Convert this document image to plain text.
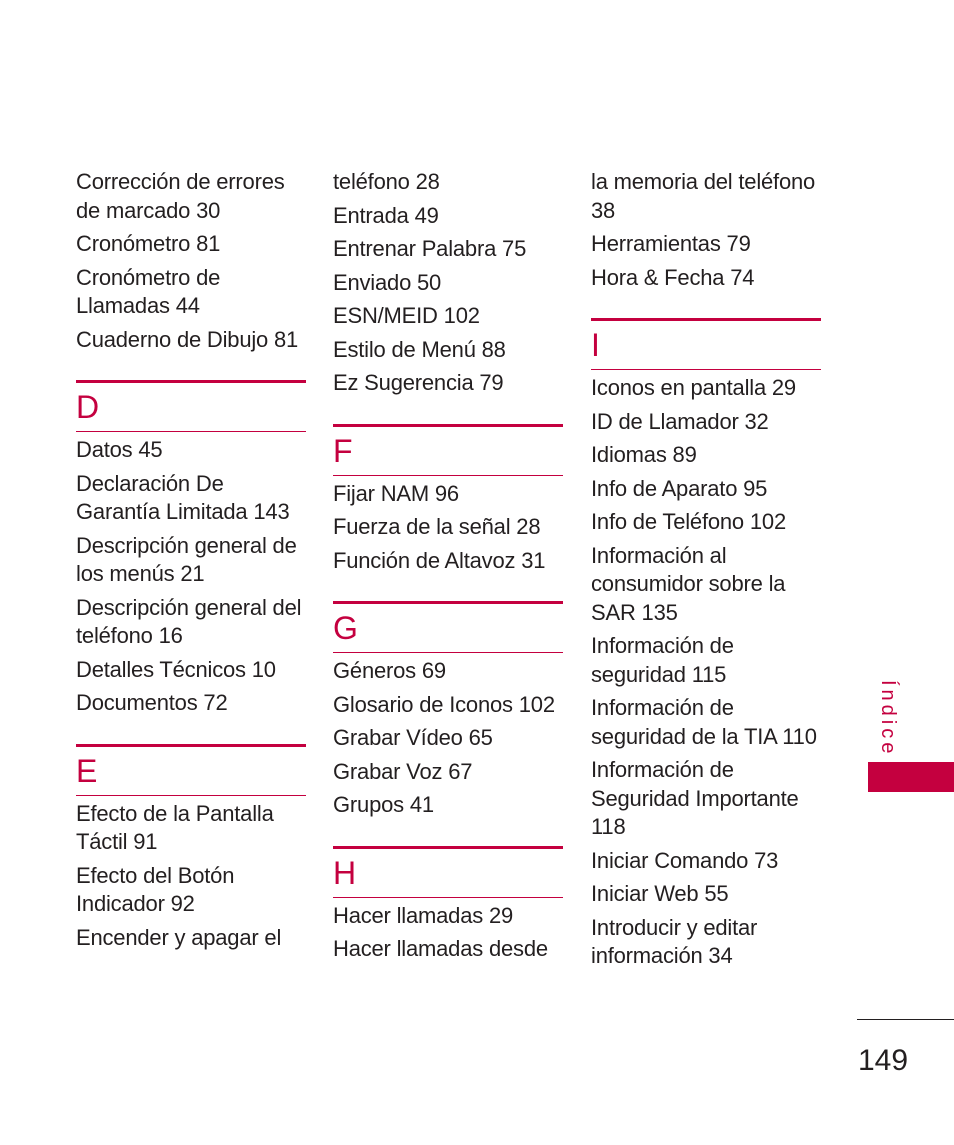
Corrección de errores de marcado 30
Cronómetro 81
Cronómetro de Llamadas 44
Cuaderno de Dibujo 81
D
Datos 45
Declaración De Garantía Limitada 143
Descripción general de los menús 21
Descripción general del teléfono 16
Detalles Técnicos 10
Documentos 72
E
Efecto de la Pantalla Táctil 91
Efecto del Botón Indicador 92
Encender y apagar el
teléfono 28
Entrada 49
Entrenar Palabra 75
Enviado 50
ESN/MEID 102
Estilo de Menú 88
Ez Sugerencia 79
F
Fijar NAM 96
Fuerza de la señal 28
Función de Altavoz 31
G
Géneros 69
Glosario de Iconos 102
Grabar Vídeo 65
Grabar Voz 67
Grupos 41
H
Hacer llamadas 29
Hacer llamadas desde
la memoria del teléfono 38
Herramientas 79
Hora & Fecha 74
I
Iconos en pantalla 29
ID de Llamador 32
Idiomas 89
Info de Aparato 95
Info de Teléfono 102
Información al consumidor sobre la SAR 135
Información de seguridad 115
Información de seguridad de la TIA 110
Información de Seguridad Importante 118
Iniciar Comando 73
Iniciar Web 55
Introducir y editar información 34
Índice
149
